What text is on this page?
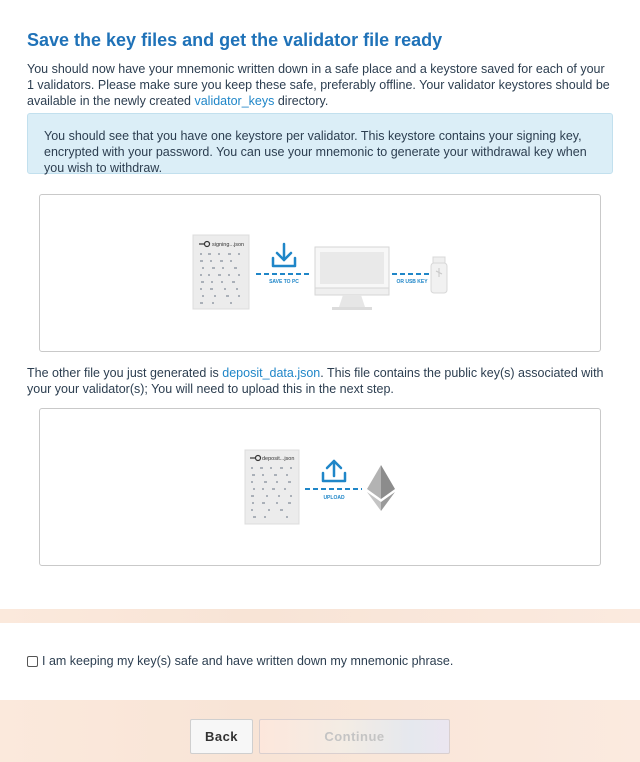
Save the key files and get the validator file ready

You should now have your mnemonic written down in a safe place and a keystore saved for each of your 1 validators. Please make sure you keep these safe, preferably offline. Your validator keystores should be available in the newly created validator_keys directory.

You should see that you have one keystore per validator. This keystore contains your signing key, encrypted with your password. You can use your mnemonic to generate your withdrawal key when you wish to withdraw.
signing...json
SAVE TO PC	OR USB KEY

The other file you just generated is deposit_data.json. This file contains the public key(s) associated with your your validator(s); You will need to upload this in the next step.

deposit...json
UPLOAD
I am keeping my key(s) safe and have written down my mnemonic phrase.
Back	Continue
